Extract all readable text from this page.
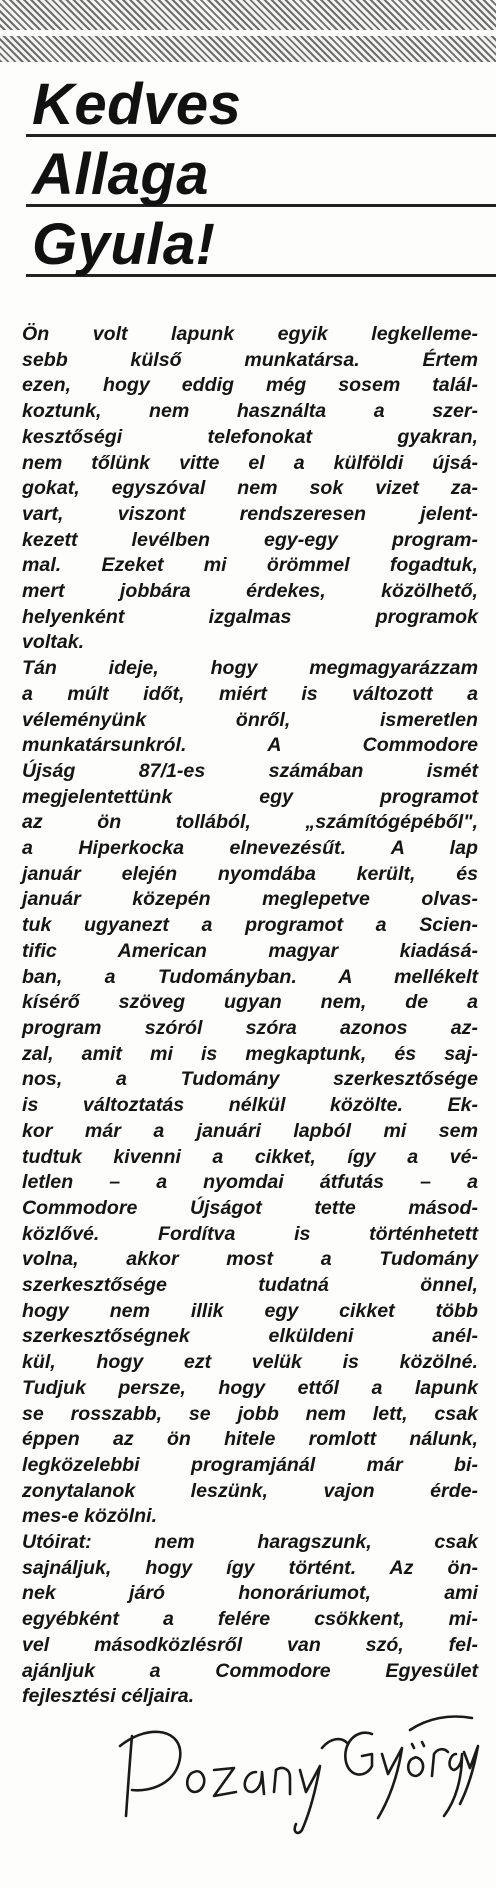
Kedves
Allaga
Gyula!
Ön volt lapunk egyik legkelleme-
sebb külső munkatársa. Értem
ezen, hogy eddig még sosem talál-
koztunk, nem használta a szer-
kesztőségi telefonokat gyakran,
nem tőlünk vitte el a külföldi újsá-
gokat, egyszóval nem sok vizet za-
vart, viszont rendszeresen jelent-
kezett levélben egy-egy program-
mal. Ezeket mi örömmel fogadtuk,
mert jobbára érdekes, közölhető,
helyenként izgalmas programok
voltak.
Tán ideje, hogy megmagyarázzam
a múlt időt, miért is változott a
véleményünk önről, ismeretlen
munkatársunkról. A Commodore
Újság 87/1-es számában ismét
megjelentettünk egy programot
az ön tollából, „számítógépéből",
a Hiperkocka elnevezésűt. A lap
január elején nyomdába került, és
január közepén meglepetve olvas-
tuk ugyanezt a programot a Scien-
tific American magyar kiadásá-
ban, a Tudományban. A mellékelt
kísérő szöveg ugyan nem, de a
program szóról szóra azonos az-
zal, amit mi is megkaptunk, és saj-
nos, a Tudomány szerkesztősége
is változtatás nélkül közölte. Ek-
kor már a januári lapból mi sem
tudtuk kivenni a cikket, így a vé-
letlen – a nyomdai átfutás – a
Commodore Újságot tette másod-
közlővé. Fordítva is történhetett
volna, akkor most a Tudomány
szerkesztősége tudatná önnel,
hogy nem illik egy cikket több
szerkesztőségnek elküldeni anél-
kül, hogy ezt velük is közölné.
Tudjuk persze, hogy ettől a lapunk
se rosszabb, se jobb nem lett, csak
éppen az ön hitele romlott nálunk,
legközelebbi programjánál már bi-
zonytalanok leszünk, vajon érde-
mes-e közölni.
Utóirat: nem haragszunk, csak
sajnáljuk, hogy így történt. Az ön-
nek járó honoráriumot, ami
egyébként a felére csökkent, mi-
vel másodközlésről van szó, fel-
ajánljuk a Commodore Egyesület
fejlesztési céljaira.
